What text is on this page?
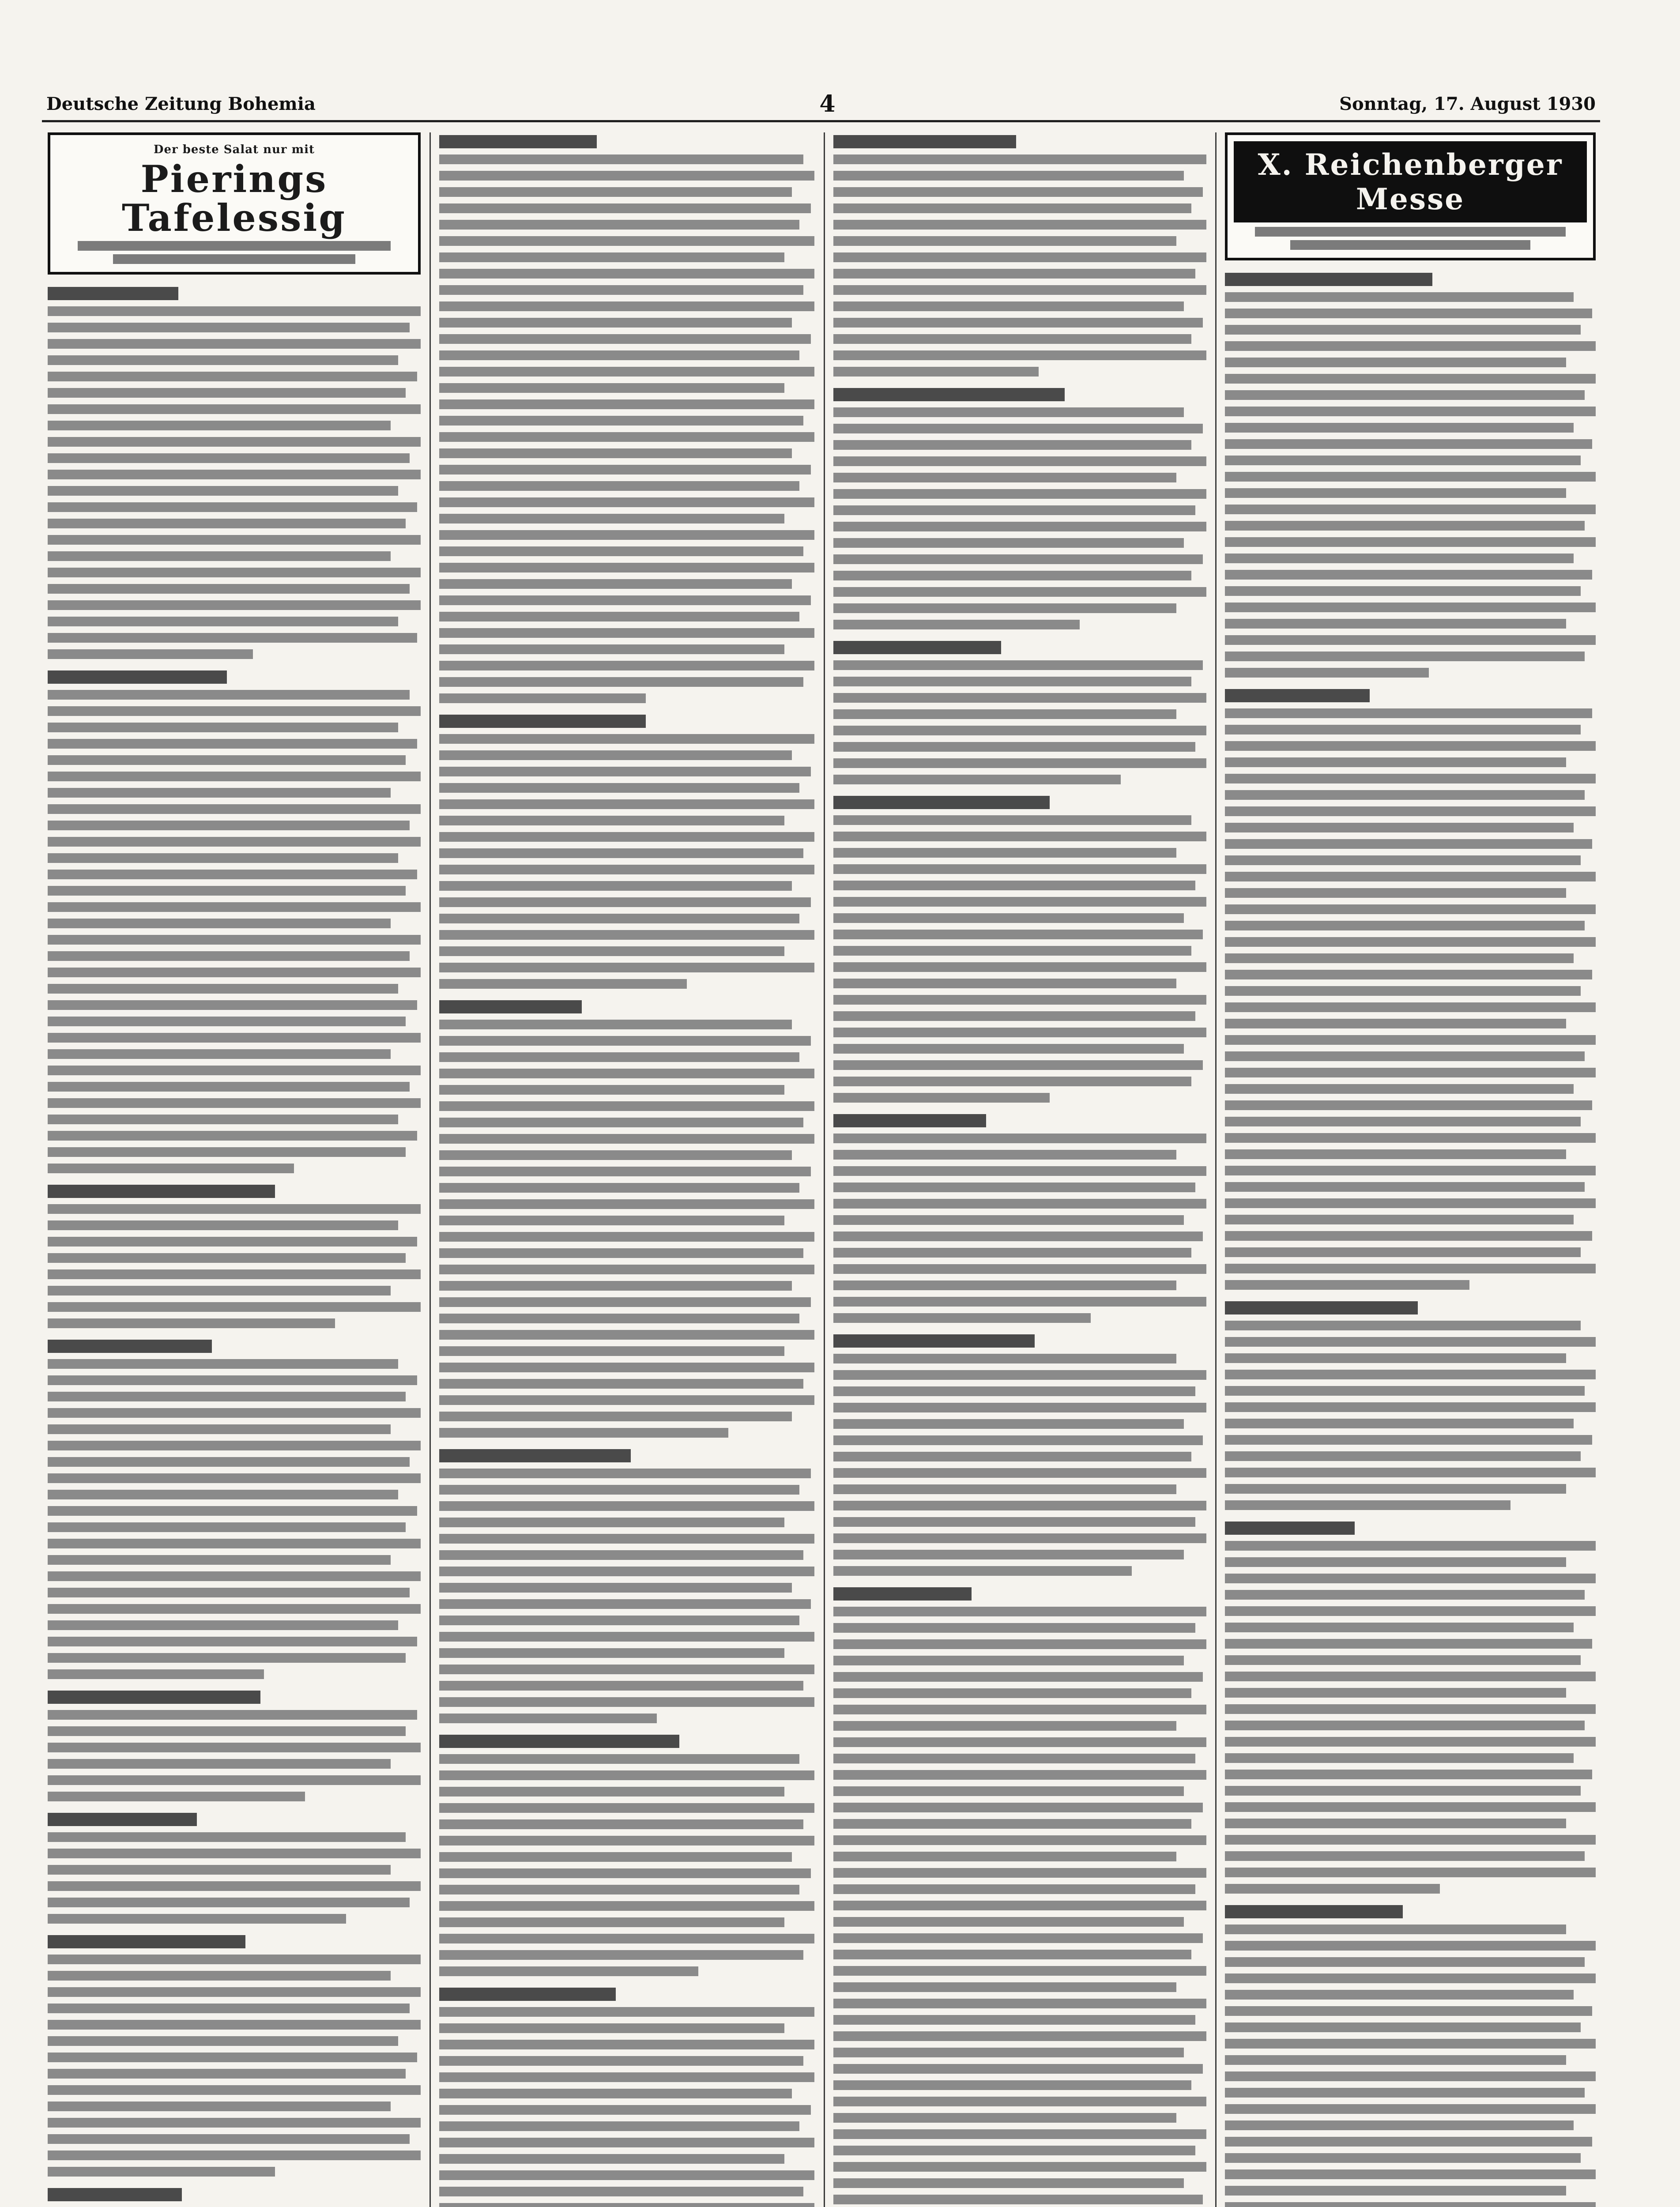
Deutsche Zeitung Bohemia	4	Sonntag, 17. August 1930
Der beste Salat nur mit
Pierings Tafelessig
X. Reichenberger Messe
